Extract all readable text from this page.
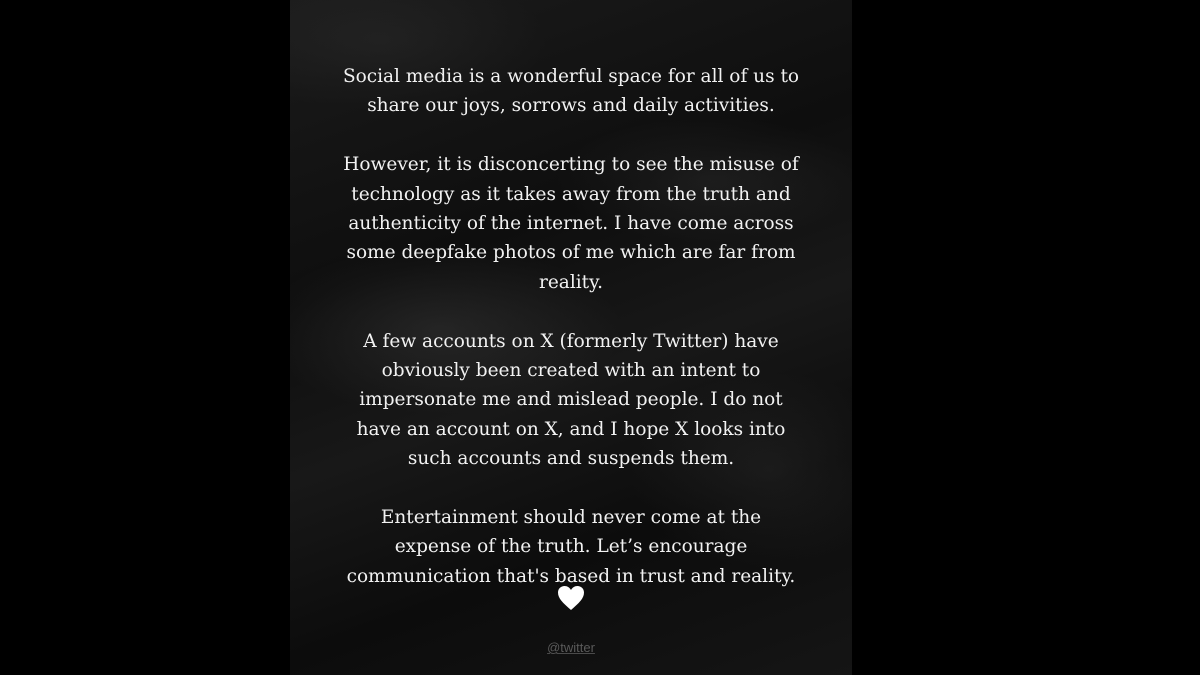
Social media is a wonderful space for all of us to
share our joys, sorrows and daily activities.

However, it is disconcerting to see the misuse of
technology as it takes away from the truth and
authenticity of the internet. I have come across
some deepfake photos of me which are far from
reality.

A few accounts on X (formerly Twitter) have
obviously been created with an intent to
impersonate me and mislead people. I do not
have an account on X, and I hope X looks into
such accounts and suspends them.

Entertainment should never come at the
expense of the truth. Let’s encourage
communication that's based in trust and reality.

@twitter
